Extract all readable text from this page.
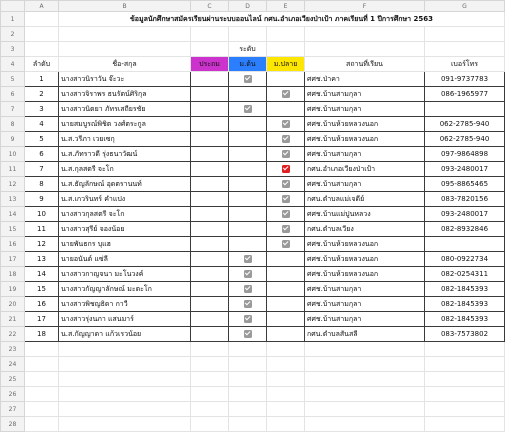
	A	B	C	D	E	F	G
1		ข้อมูลนักศึกษาสมัครเรียนผ่านระบบออนไลน์ กศน.อำเภอเวียงป่าเป้า ภาคเรียนที่ 1 ปีการศึกษา 2563					
2							
3				ระดับ			
4	ลำดับ	ชื่อ-สกุล	ประถม	ม.ต้น	ม.ปลาย	สถานที่เรียน	เบอร์โทร
5	1	นางสาวนิราวัน จ๊ะวะ				ศศช.ป่าคา	091-9737783
6	2	นางสาวจิราพร ธนรัตน์ศิริกุล				ศศช.บ้านสามกุลา	086-1965977
7	3	นางสาวนิตยา ภัทรเสถียรชัย				ศศช.บ้านสามกุลา	
8	4	นายสมบูรณ์พิชิต วงศ์ตระกูล				ศศช.บ้านห้วยหลวงนอก	062-2785-940
9	5	น.ส.วรีภา เวยเซกุ				ศศช.บ้านห้วยหลวงนอก	062-2785-940
10	6	น.ส.ภัทราวดี รุ่งธนาวัฒน์				ศศช.บ้านสามกุลา	097-9864898
11	7	น.ส.กุลสตรี จะโก				กศน.อำเภอเวียงป่าเป้า	093-2480017
12	8	น.ส.ธัญลักษณ์ อุดตรานนท์				ศศช.บ้านสามกุลา	095-8865465
13	9	น.ส.เกวรินทร์ คำแปง				กศน.ตำบลแม่เจดีย์	083-7820156
14	10	นางสาวกุลสตรี จะโก				ศศช.บ้านแม่ปูนหลวง	093-2480017
15	11	นางสาวสุรีย์ จองน้อย				กศน.ตำบลเวียง	082-8932846
16	12	นายพันธกร บุแฮ				ศศช.บ้านห้วยหลวงนอก	
17	13	นายอนันต์ แซ่ลี				ศศช.บ้านห้วยหลวงนอก	080-0922734
18	14	นางสาวกาญจนา มะโนวงค์				ศศช.บ้านห้วยหลวงนอก	082-0254311
19	15	นางสาวกัญญาลักษณ์ มะตะโก				ศศช.บ้านสามกุลา	082-1845393
20	16	นางสาวพิชญธิดา กาวี				ศศช.บ้านสามกุลา	082-1845393
21	17	นางสาวรุ่งนภา แสนมาร์				ศศช.บ้านสามกุลา	082-1845393
22	18	น.ส.กัญญาดา แก้วเรวน้อย				กศน.ตำบลสันสลี	083-7573802
23							
24							
25							
26							
27							
28							
